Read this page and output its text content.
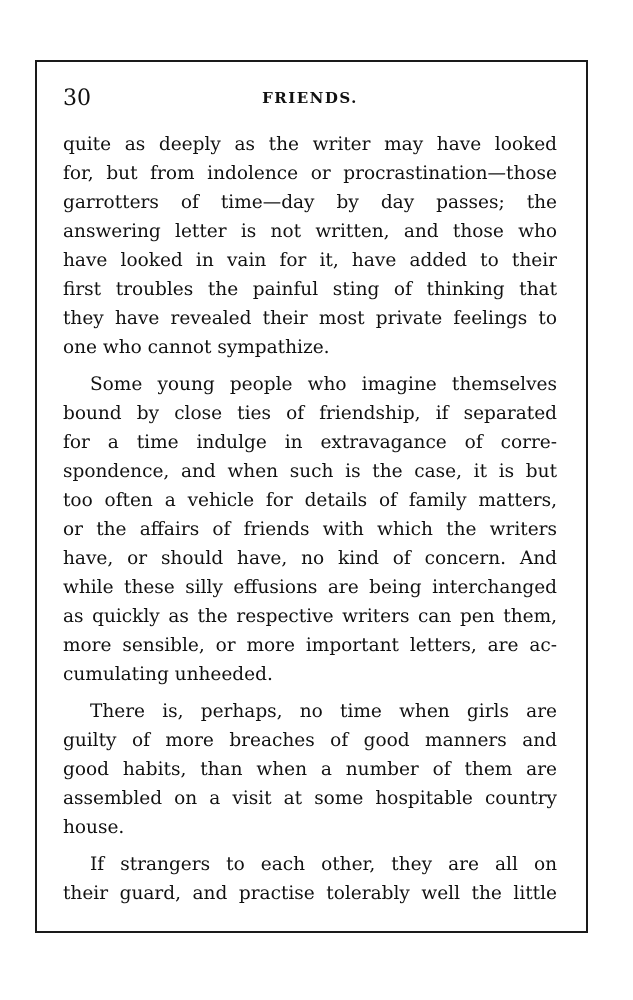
30	FRIENDS.
quite as deeply as the writer may have looked
for, but from indolence or procrastination—those
garrotters of time—day by day passes; the
answering letter is not written, and those who
have looked in vain for it, have added to their
first troubles the painful sting of thinking that
they have revealed their most private feelings to
one who cannot sympathize.
Some young people who imagine themselves
bound by close ties of friendship, if separated
for a time indulge in extravagance of corre-
spondence, and when such is the case, it is but
too often a vehicle for details of family matters,
or the affairs of friends with which the writers
have, or should have, no kind of concern. And
while these silly effusions are being interchanged
as quickly as the respective writers can pen them,
more sensible, or more important letters, are ac-
cumulating unheeded.
There is, perhaps, no time when girls are
guilty of more breaches of good manners and
good habits, than when a number of them are
assembled on a visit at some hospitable country
house.
If strangers to each other, they are all on
their guard, and practise tolerably well the little
